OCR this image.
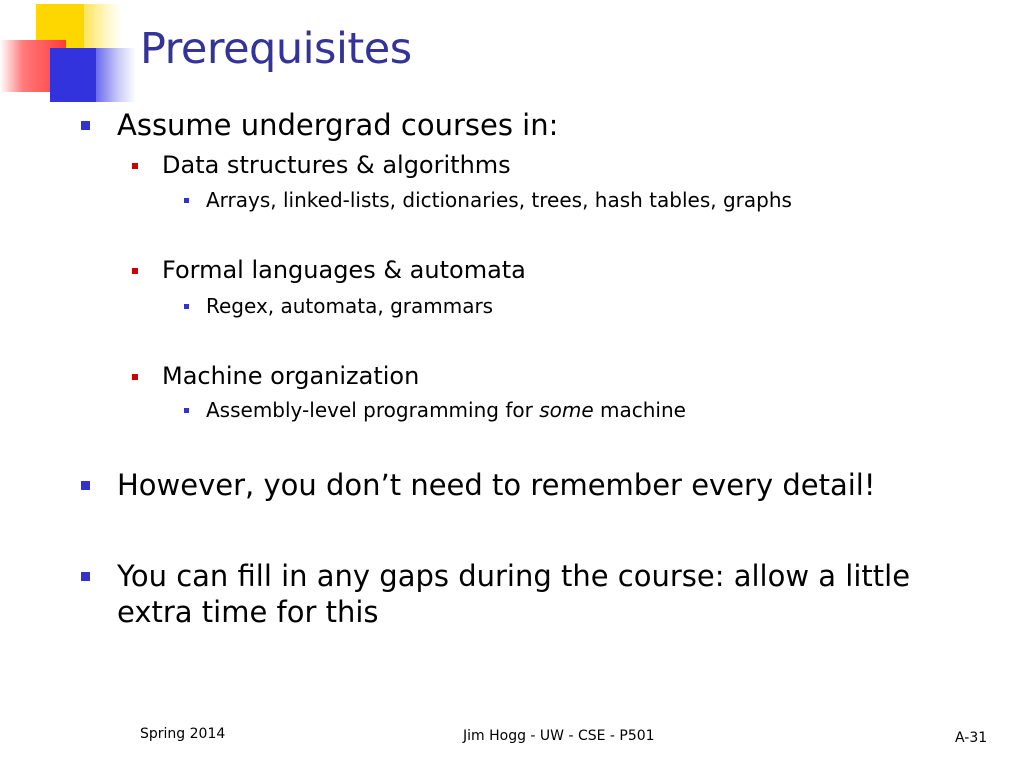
Prerequisites
Assume undergrad courses in:
Data structures & algorithms
Arrays, linked-lists, dictionaries, trees, hash tables, graphs
Formal languages & automata
Regex, automata, grammars
Machine organization
Assembly-level programming for some machine
However, you don’t need to remember every detail!
You can fill in any gaps during the course: allow a little
extra time for this
Spring 2014	Jim Hogg - UW - CSE - P501	A-31
